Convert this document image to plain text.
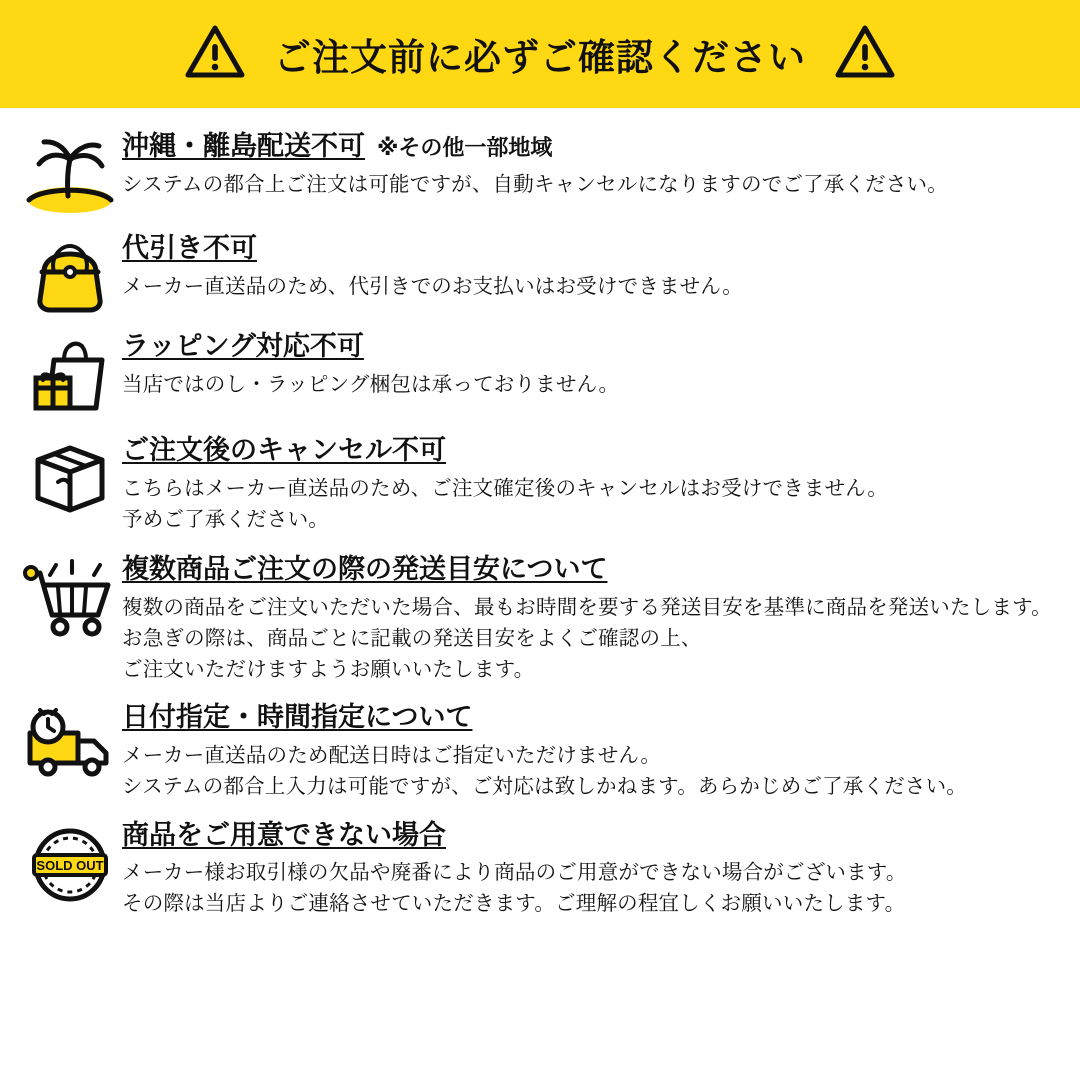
ご注文前に必ずご確認ください
沖縄・離島配送不可 ※その他一部地域

システムの都合上ご注文は可能ですが、自動キャンセルになりますのでご了承ください。

代引き不可

メーカー直送品のため、代引きでのお支払いはお受けできません。

ラッピング対応不可

当店ではのし・ラッピング梱包は承っておりません。

ご注文後のキャンセル不可

こちらはメーカー直送品のため、ご注文確定後のキャンセルはお受けできません。

予めご了承ください。

複数商品ご注文の際の発送目安について

複数の商品をご注文いただいた場合、最もお時間を要する発送目安を基準に商品を発送いたします。

お急ぎの際は、商品ごとに記載の発送目安をよくご確認の上、

ご注文いただけますようお願いいたします。

日付指定・時間指定について

メーカー直送品のため配送日時はご指定いただけません。

システムの都合上入力は可能ですが、ご対応は致しかねます。あらかじめご了承ください。

SOLD OUT
商品をご用意できない場合

メーカー様お取引様の欠品や廃番により商品のご用意ができない場合がございます。

その際は当店よりご連絡させていただきます。ご理解の程宜しくお願いいたします。
